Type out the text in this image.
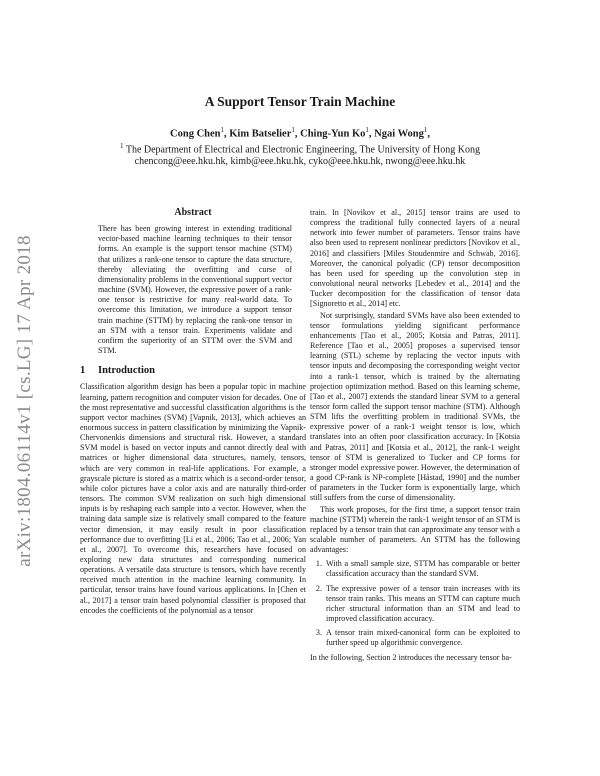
arXiv:1804.06114v1 [cs.LG] 17 Apr 2018
A Support Tensor Train Machine
Cong Chen$^1$, Kim Batselier$^1$, Ching-Yun Ko$^1$, Ngai Wong$^1$,
$^1$ The Department of Electrical and Electronic Engineering, The University of Hong Kong
chencong@eee.hku.hk, kimb@eee.hku.hk, cyko@eee.hku.hk, nwong@eee.hku.hk
Abstract

There has been growing interest in extending traditional vector-based machine learning techniques to their tensor forms. An example is the support tensor machine (STM) that utilizes a rank-one tensor to capture the data structure, thereby alleviating the overfitting and curse of dimensionality problems in the conventional support vector machine (SVM). However, the expressive power of a rank-one tensor is restrictive for many real-world data. To overcome this limitation, we introduce a support tensor train machine (STTM) by replacing the rank-one tensor in an STM with a tensor train. Experiments validate and confirm the superiority of an STTM over the SVM and STM.

1 Introduction

Classification algorithm design has been a popular topic in machine learning, pattern recognition and computer vision for decades. One of the most representative and successful classification algorithms is the support vector machines (SVM) [Vapnik, 2013], which achieves an enormous success in pattern classification by minimizing the Vapnik-Chervonenkis dimensions and structural risk. However, a standard SVM model is based on vector inputs and cannot directly deal with matrices or higher dimensional data structures, namely, tensors, which are very common in real-life applications. For example, a grayscale picture is stored as a matrix which is a second-order tensor, while color pictures have a color axis and are naturally third-order tensors. The common SVM realization on such high dimensional inputs is by reshaping each sample into a vector. However, when the training data sample size is relatively small compared to the feature vector dimension, it may easily result in poor classification performance due to overfitting [Li et al., 2006; Tao et al., 2006; Yan et al., 2007]. To overcome this, researchers have focused on exploring new data structures and corresponding numerical operations. A versatile data structure is tensors, which have recently received much attention in the machine learning community. In particular, tensor trains have found various applications. In [Chen et al., 2017] a tensor train based polynomial classifier is proposed that encodes the coefficients of the polynomial as a tensor

train. In [Novikov et al., 2015] tensor trains are used to compress the traditional fully connected layers of a neural network into fewer number of parameters. Tensor trains have also been used to represent nonlinear predictors [Novikov et al., 2016] and classifiers [Miles Stoudenmire and Schwab, 2016]. Moreover, the canonical polyadic (CP) tensor decomposition has been used for speeding up the convolution step in convolutional neural networks [Lebedev et al., 2014] and the Tucker decomposition for the classification of tensor data [Signoretto et al., 2014] etc.

Not surprisingly, standard SVMs have also been extended to tensor formulations yielding significant performance enhancements [Tao et al., 2005; Kotsia and Patras, 2011]. Reference [Tao et al., 2005] proposes a supervised tensor learning (STL) scheme by replacing the vector inputs with tensor inputs and decomposing the corresponding weight vector into a rank-1 tensor, which is trained by the alternating projection optimization method. Based on this learning scheme, [Tao et al., 2007] extends the standard linear SVM to a general tensor form called the support tensor machine (STM). Although STM lifts the overfitting problem in traditional SVMs, the expressive power of a rank-1 weight tensor is low, which translates into an often poor classification accuracy. In [Kotsia and Patras, 2011] and [Kotsia et al., 2012], the rank-1 weight tensor of STM is generalized to Tucker and CP forms for stronger model expressive power. However, the determination of a good CP-rank is NP-complete [Håstad, 1990] and the number of parameters in the Tucker form is exponentially large, which still suffers from the curse of dimensionality.

This work proposes, for the first time, a support tensor train machine (STTM) wherein the rank-1 weight tensor of an STM is replaced by a tensor train that can approximate any tensor with a scalable number of parameters. An STTM has the following advantages:

1. With a small sample size, STTM has comparable or better classification accuracy than the standard SVM.
2. The expressive power of a tensor train increases with its tensor train ranks. This means an STTM can capture much richer structural information than an STM and lead to improved classification accuracy.
3. A tensor train mixed-canonical form can be exploited to further speed up algorithmic convergence.

In the following, Section 2 introduces the necessary tensor ba-
